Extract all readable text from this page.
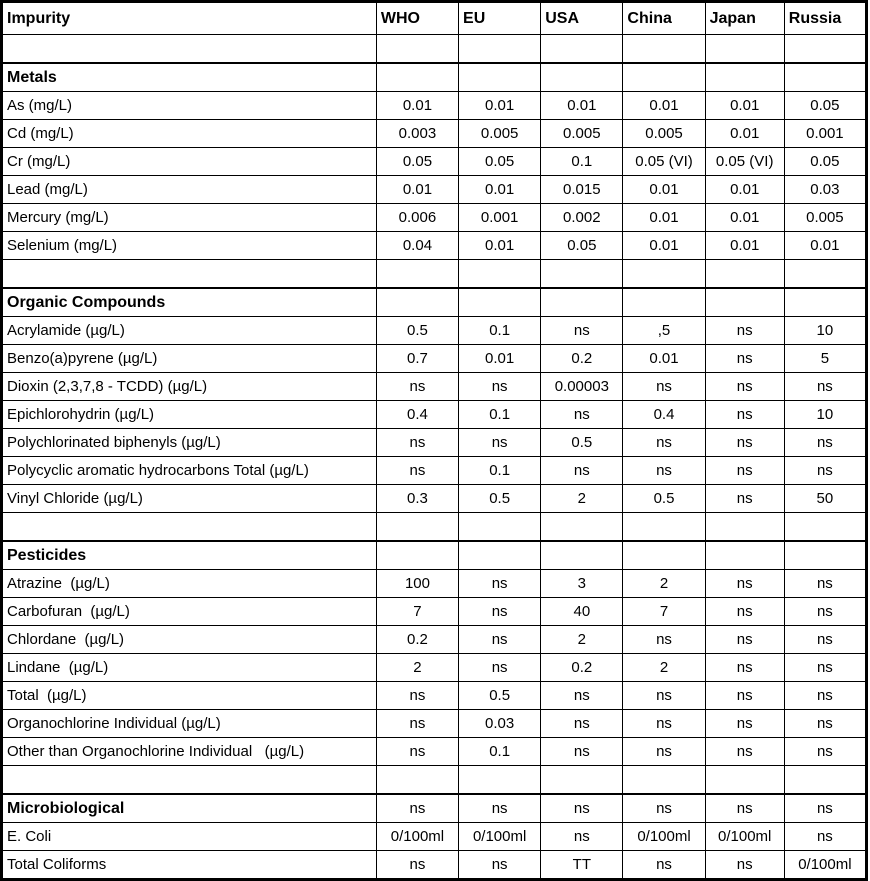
Impurity	WHO	EU	USA	China	Japan	Russia

Metals						
As (mg/L)	0.01	0.01	0.01	0.01	0.01	0.05
Cd (mg/L)	0.003	0.005	0.005	0.005	0.01	0.001
Cr (mg/L)	0.05	0.05	0.1	0.05 (VI)	0.05 (VI)	0.05
Lead (mg/L)	0.01	0.01	0.015	0.01	0.01	0.03
Mercury (mg/L)	0.006	0.001	0.002	0.01	0.01	0.005
Selenium (mg/L)	0.04	0.01	0.05	0.01	0.01	0.01

Organic Compounds						
Acrylamide (µg/L)	0.5	0.1	ns	,5	ns	10
Benzo(a)pyrene (µg/L)	0.7	0.01	0.2	0.01	ns	5
Dioxin (2,3,7,8 - TCDD) (µg/L)	ns	ns	0.00003	ns	ns	ns
Epichlorohydrin (µg/L)	0.4	0.1	ns	0.4	ns	10
Polychlorinated biphenyls (µg/L)	ns	ns	0.5	ns	ns	ns
Polycyclic aromatic hydrocarbons Total (µg/L)	ns	0.1	ns	ns	ns	ns
Vinyl Chloride (µg/L)	0.3	0.5	2	0.5	ns	50

Pesticides						
Atrazine  (µg/L)	100	ns	3	2	ns	ns
Carbofuran  (µg/L)	7	ns	40	7	ns	ns
Chlordane  (µg/L)	0.2	ns	2	ns	ns	ns
Lindane  (µg/L)	2	ns	0.2	2	ns	ns
Total  (µg/L)	ns	0.5	ns	ns	ns	ns
Organochlorine Individual (µg/L)	ns	0.03	ns	ns	ns	ns
Other than Organochlorine Individual   (µg/L)	ns	0.1	ns	ns	ns	ns

Microbiological	ns	ns	ns	ns	ns	ns
E. Coli	0/100ml	0/100ml	ns	0/100ml	0/100ml	ns
Total Coliforms	ns	ns	TT	ns	ns	0/100ml
